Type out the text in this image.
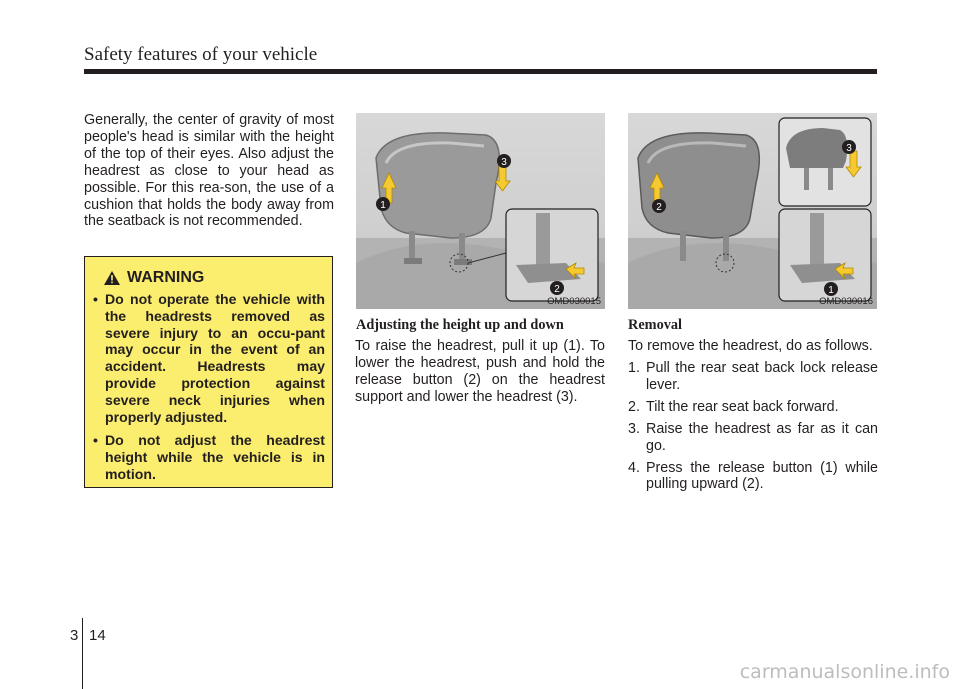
Safety features of your vehicle

Generally, the center of gravity of most people's head is similar with the height of the top of their eyes. Also adjust the headrest as close to your head as possible. For this rea-son, the use of a cushion that holds the body away from the seatback is not recommended.

WARNING
• Do not operate the vehicle with the headrests removed as severe injury to an occu-pant may occur in the event of an accident. Headrests may provide protection against severe neck injuries when properly adjusted.
• Do not adjust the headrest height while the vehicle is in motion.
1
2
3
OMD030015
1
2
3
OMD030016
Adjusting the height up and down

To raise the headrest, pull it up (1). To lower the headrest, push and hold the release button (2) on the headrest support and lower the headrest (3).

Removal

To remove the headrest, do as follows.

1. Pull the rear seat back lock release lever.
2. Tilt the rear seat back forward.
3. Raise the headrest as far as it can go.
4. Press the release button (1) while pulling upward (2).
3 14
carmanualsonline.info
